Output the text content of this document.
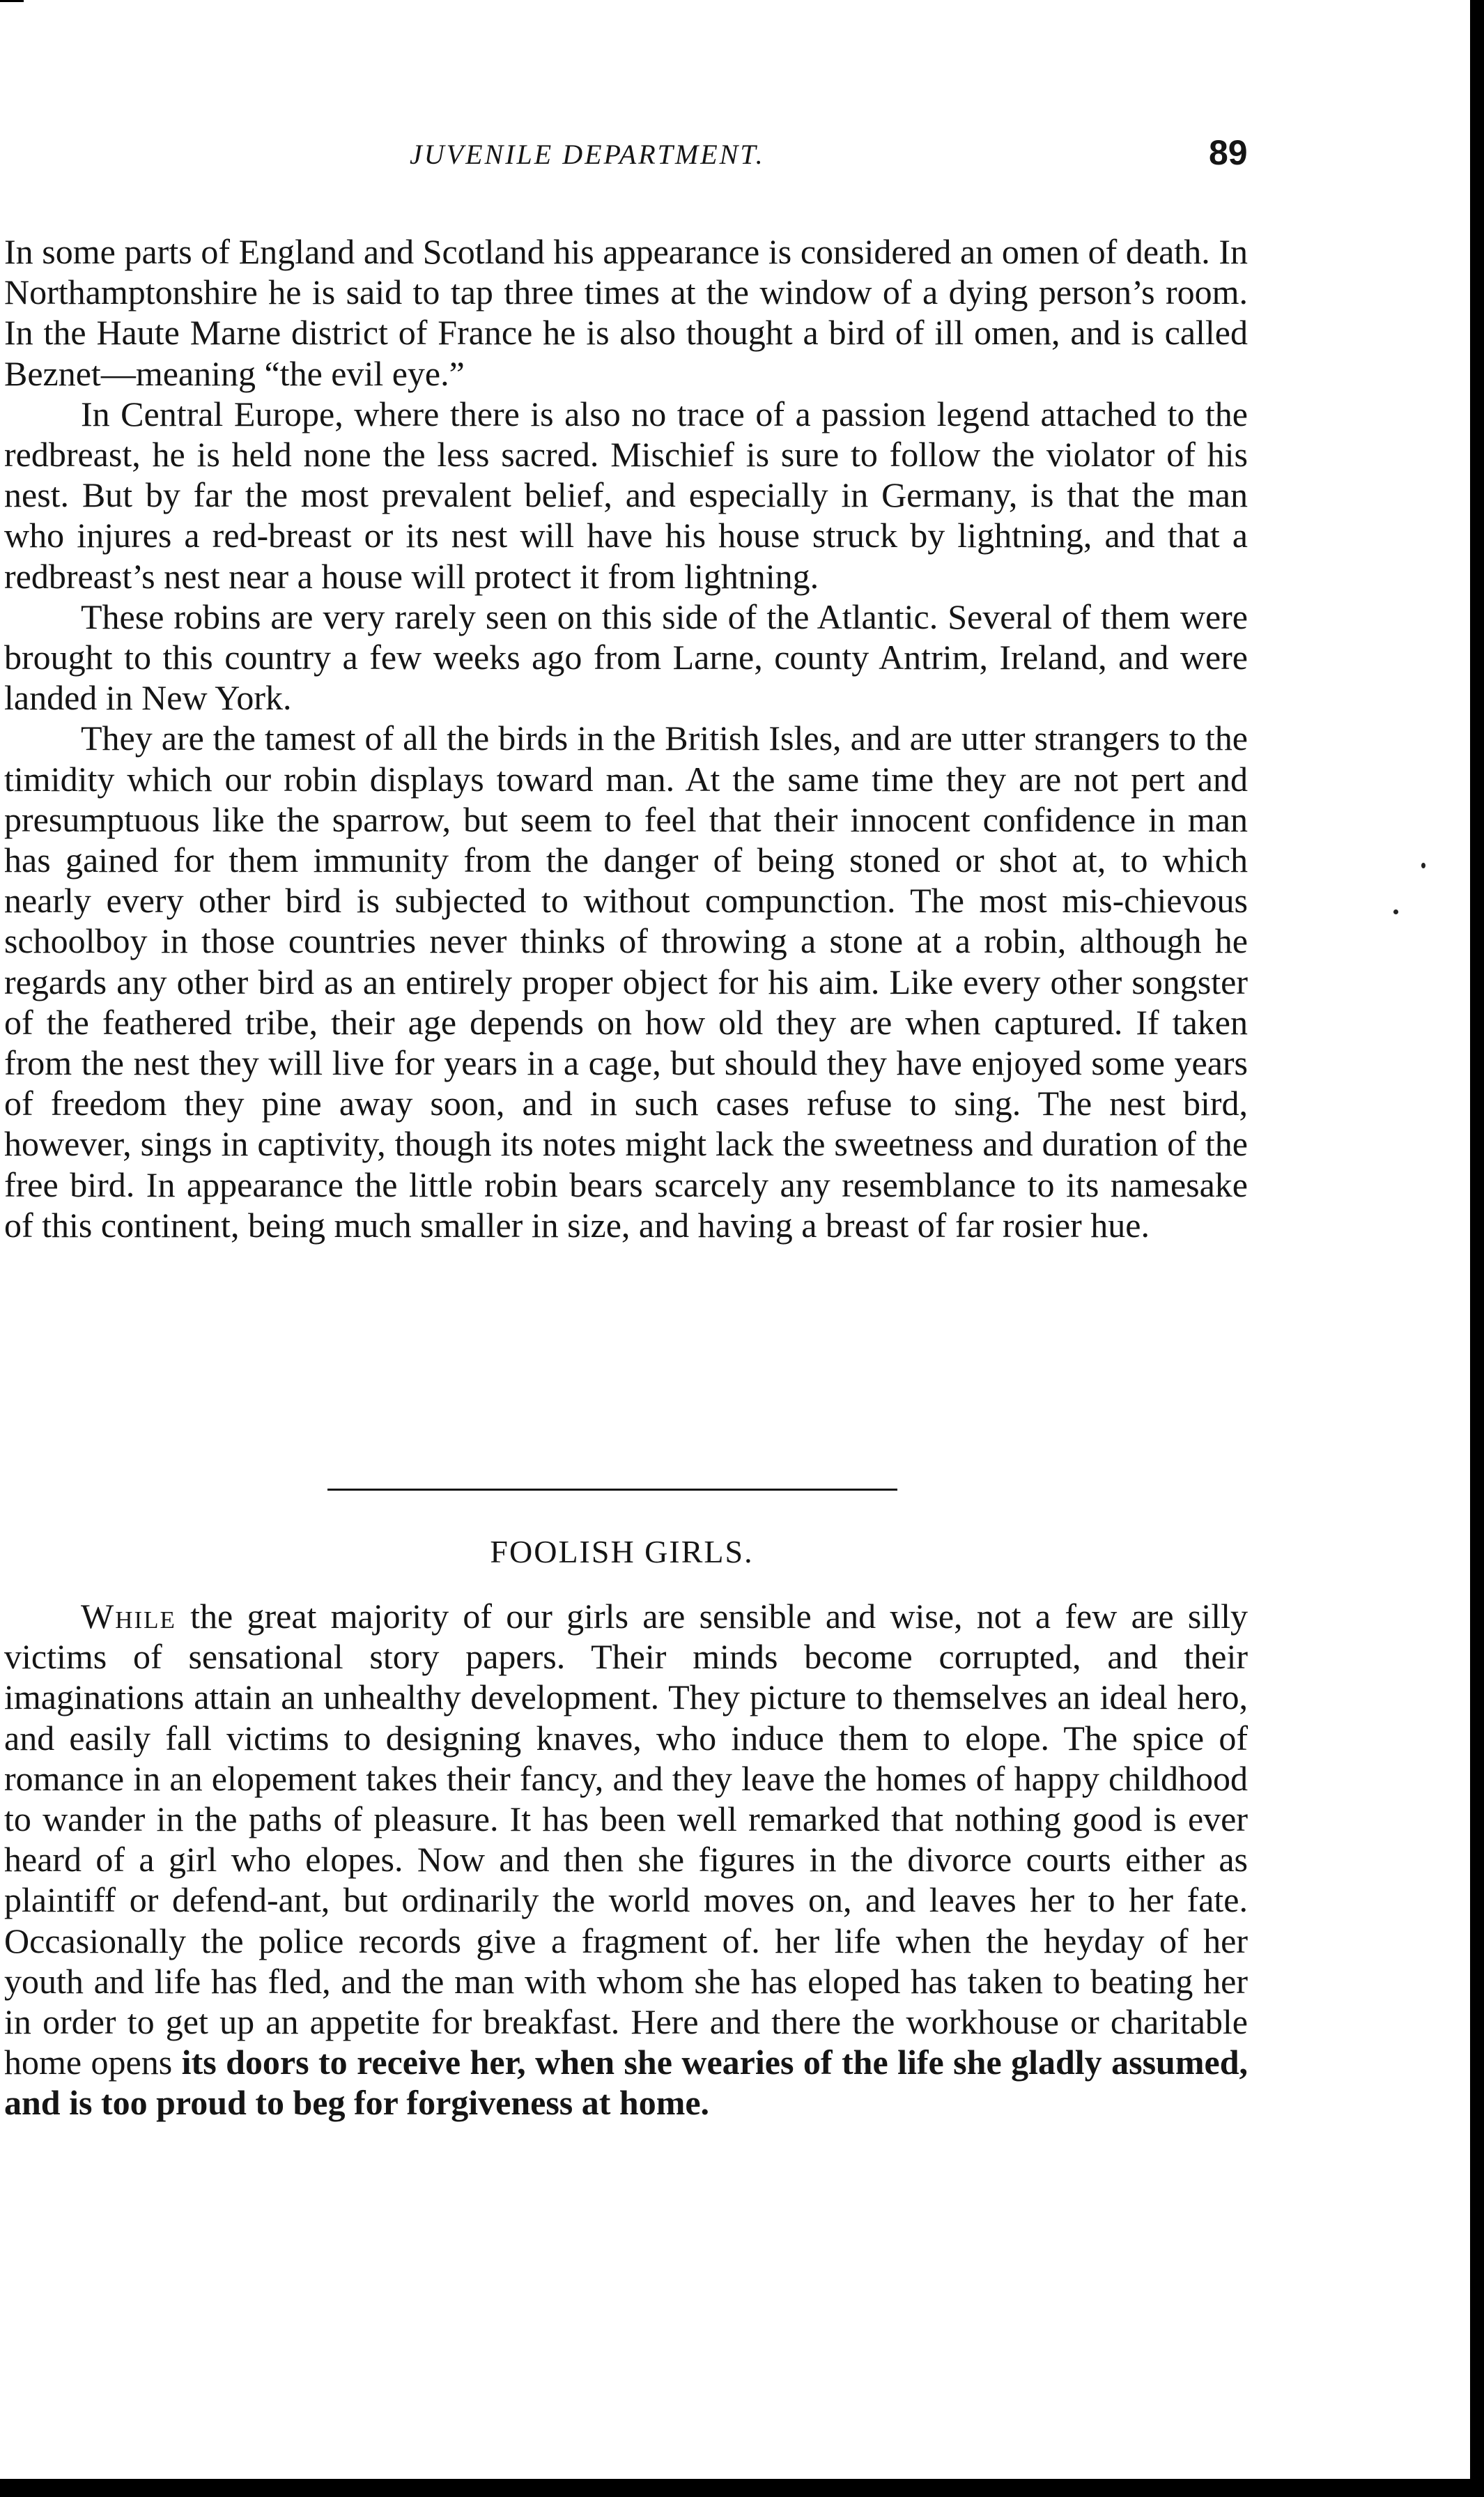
JUVENILE DEPARTMENT.	89

In some parts of England and Scotland his appearance is considered an omen of death. In Northamptonshire he is said to tap three times at the window of a dying person’s room. In the Haute Marne district of France he is also thought a bird of ill omen, and is called Beznet—meaning “the evil eye.”

In Central Europe, where there is also no trace of a passion legend attached to the redbreast, he is held none the less sacred. Mischief is sure to follow the violator of his nest. But by far the most prevalent belief, and especially in Germany, is that the man who injures a red-breast or its nest will have his house struck by lightning, and that a redbreast’s nest near a house will protect it from lightning.

These robins are very rarely seen on this side of the Atlantic. Several of them were brought to this country a few weeks ago from Larne, county Antrim, Ireland, and were landed in New York.

They are the tamest of all the birds in the British Isles, and are utter strangers to the timidity which our robin displays toward man. At the same time they are not pert and presumptuous like the sparrow, but seem to feel that their innocent confidence in man has gained for them immunity from the danger of being stoned or shot at, to which nearly every other bird is subjected to without compunction. The most mis-chievous schoolboy in those countries never thinks of throwing a stone at a robin, although he regards any other bird as an entirely proper object for his aim. Like every other songster of the feathered tribe, their age depends on how old they are when captured. If taken from the nest they will live for years in a cage, but should they have enjoyed some years of freedom they pine away soon, and in such cases refuse to sing. The nest bird, however, sings in captivity, though its notes might lack the sweetness and duration of the free bird. In appearance the little robin bears scarcely any resemblance to its namesake of this continent, being much smaller in size, and having a breast of far rosier hue.

FOOLISH GIRLS.

While the great majority of our girls are sensible and wise, not a few are silly victims of sensational story papers. Their minds become corrupted, and their imaginations attain an unhealthy development. They picture to themselves an ideal hero, and easily fall victims to designing knaves, who induce them to elope. The spice of romance in an elopement takes their fancy, and they leave the homes of happy childhood to wander in the paths of pleasure. It has been well remarked that nothing good is ever heard of a girl who elopes. Now and then she figures in the divorce courts either as plaintiff or defend-ant, but ordinarily the world moves on, and leaves her to her fate. Occasionally the police records give a fragment of. her life when the heyday of her youth and life has fled, and the man with whom she has eloped has taken to beating her in order to get up an appetite for breakfast. Here and there the workhouse or charitable home opens its doors to receive her, when she wearies of the life she gladly assumed, and is too proud to beg for forgiveness at home.
